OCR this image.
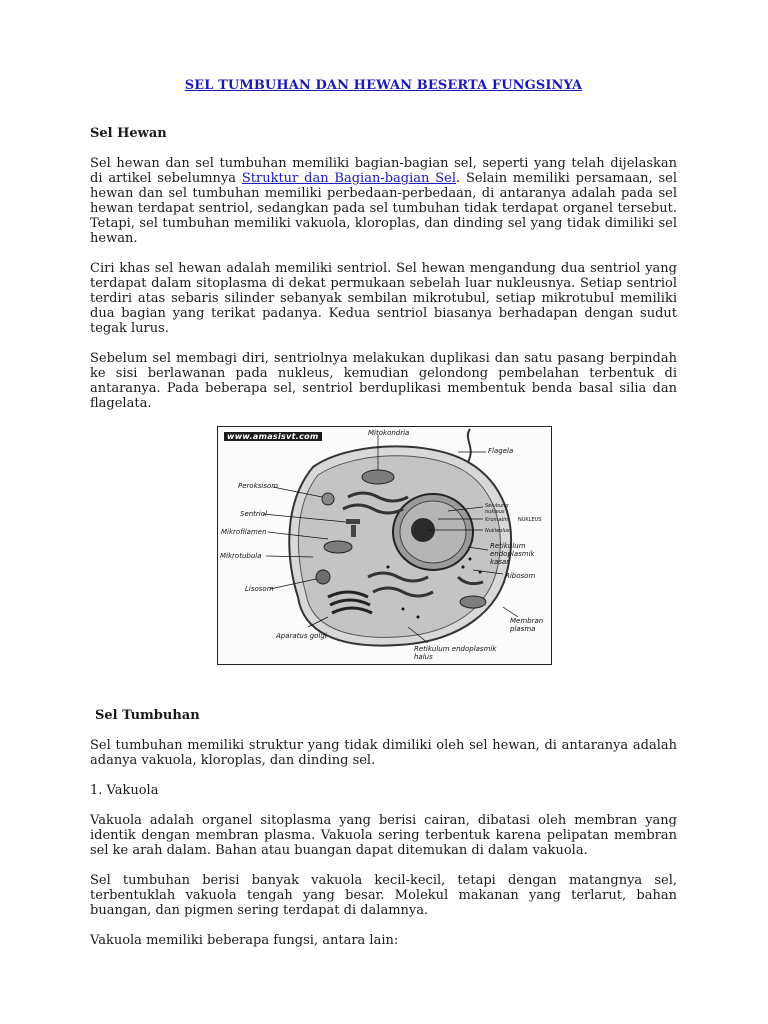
SEL TUMBUHAN DAN HEWAN BESERTA FUNGSINYA
Sel Hewan

Sel hewan dan sel tumbuhan memiliki bagian-bagian sel, seperti yang telah dijelaskan di artikel sebelumnya Struktur dan Bagian-bagian Sel. Selain memiliki persamaan, sel hewan dan sel tumbuhan memiliki perbedaan-perbedaan, di antaranya adalah pada sel hewan terdapat sentriol, sedangkan pada sel tumbuhan tidak terdapat organel tersebut. Tetapi, sel tumbuhan memiliki vakuola, kloroplas, dan dinding sel yang tidak dimiliki sel hewan.

Ciri khas sel hewan adalah memiliki sentriol. Sel hewan mengandung dua sentriol yang terdapat dalam sitoplasma di dekat permukaan sebelah luar nukleusnya. Setiap sentriol terdiri atas sebaris silinder sebanyak sembilan mikrotubul, setiap mikrotubul memiliki dua bagian yang terikat padanya. Kedua sentriol biasanya berhadapan dengan sudut tegak lurus.

Sebelum sel membagi diri, sentriolnya melakukan duplikasi dan satu pasang berpindah ke sisi berlawanan pada nukleus, kemudian gelondong pembelahan terbentuk di antaranya. Pada beberapa sel, sentriol berduplikasi membentuk benda basal silia dan flagelata.

www.amasisvt.com	Mitokondria
Flagela
Peroksisom
Sentriol
Selubung
nukleus
Kromatin
Nukleolus
NUKLEUS
Mikrofilamen
Retikulum
endoplasmik
kasar
Mikrotubula
Ribosom
Lisosom
Membran
plasma
Aparatus golgi
Retikulum endoplasmik
halus
Sel Tumbuhan

Sel tumbuhan memiliki struktur yang tidak dimiliki oleh sel hewan, di antaranya adalah adanya vakuola, kloroplas, dan dinding sel.

1. Vakuola

Vakuola adalah organel sitoplasma yang berisi cairan, dibatasi oleh membran yang identik dengan membran plasma. Vakuola sering terbentuk karena pelipatan membran sel ke arah dalam. Bahan atau buangan dapat ditemukan di dalam vakuola.

Sel tumbuhan berisi banyak vakuola kecil-kecil, tetapi dengan matangnya sel, terbentuklah vakuola tengah yang besar. Molekul makanan yang terlarut, bahan buangan, dan pigmen sering terdapat di dalamnya.

Vakuola memiliki beberapa fungsi, antara lain:
